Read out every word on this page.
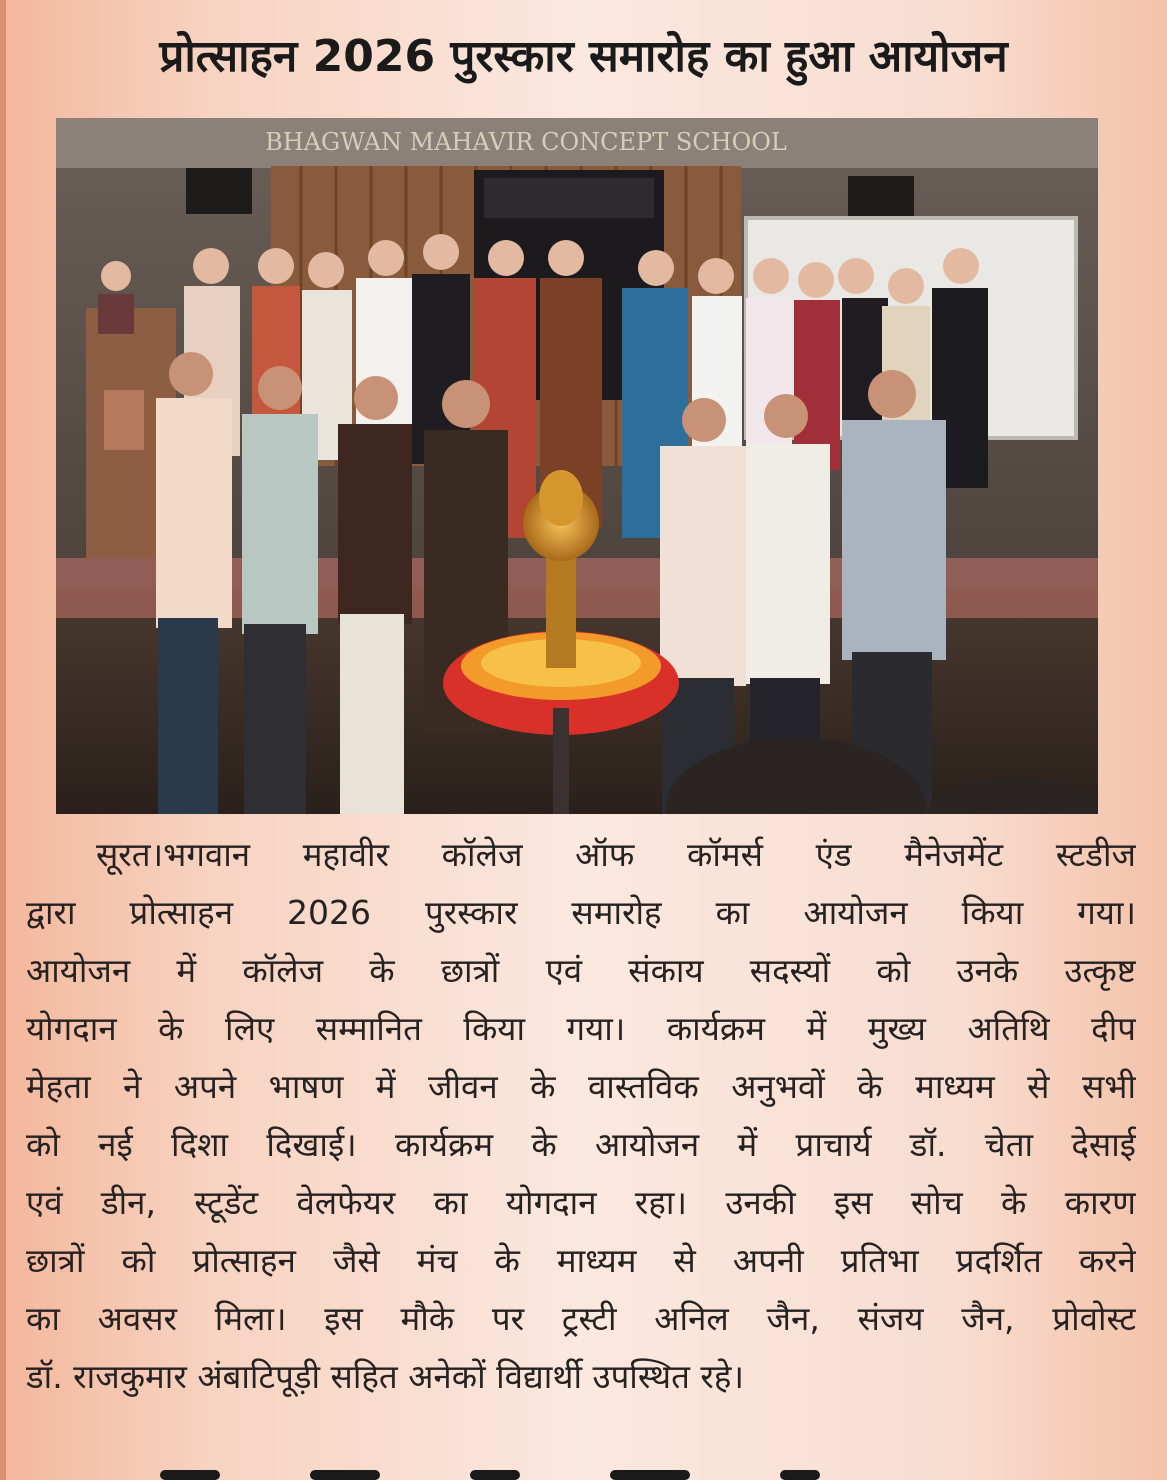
प्रोत्साहन 2026 पुरस्कार समारोह का हुआ आयोजन
BHAGWAN MAHAVIR CONCEPT SCHOOL
सूरत।भगवान महावीर कॉलेज ऑफ कॉमर्स एंड मैनेजमेंट स्टडीज
द्वारा प्रोत्साहन 2026 पुरस्कार समारोह का आयोजन किया गया।
आयोजन में कॉलेज के छात्रों एवं संकाय सदस्यों को उनके उत्कृष्ट
योगदान के लिए सम्मानित किया गया। कार्यक्रम में मुख्य अतिथि दीप
मेहता ने अपने भाषण में जीवन के वास्तविक अनुभवों के माध्यम से सभी
को नई दिशा दिखाई। कार्यक्रम के आयोजन में प्राचार्य डॉ. चेता देसाई
एवं डीन, स्टूडेंट वेलफेयर का योगदान रहा। उनकी इस सोच के कारण
छात्रों को प्रोत्साहन जैसे मंच के माध्यम से अपनी प्रतिभा प्रदर्शित करने
का अवसर मिला। इस मौके पर ट्रस्टी अनिल जैन, संजय जैन, प्रोवोस्ट
डॉ. राजकुमार अंबाटिपूड़ी सहित अनेकों विद्यार्थी उपस्थित रहे।
